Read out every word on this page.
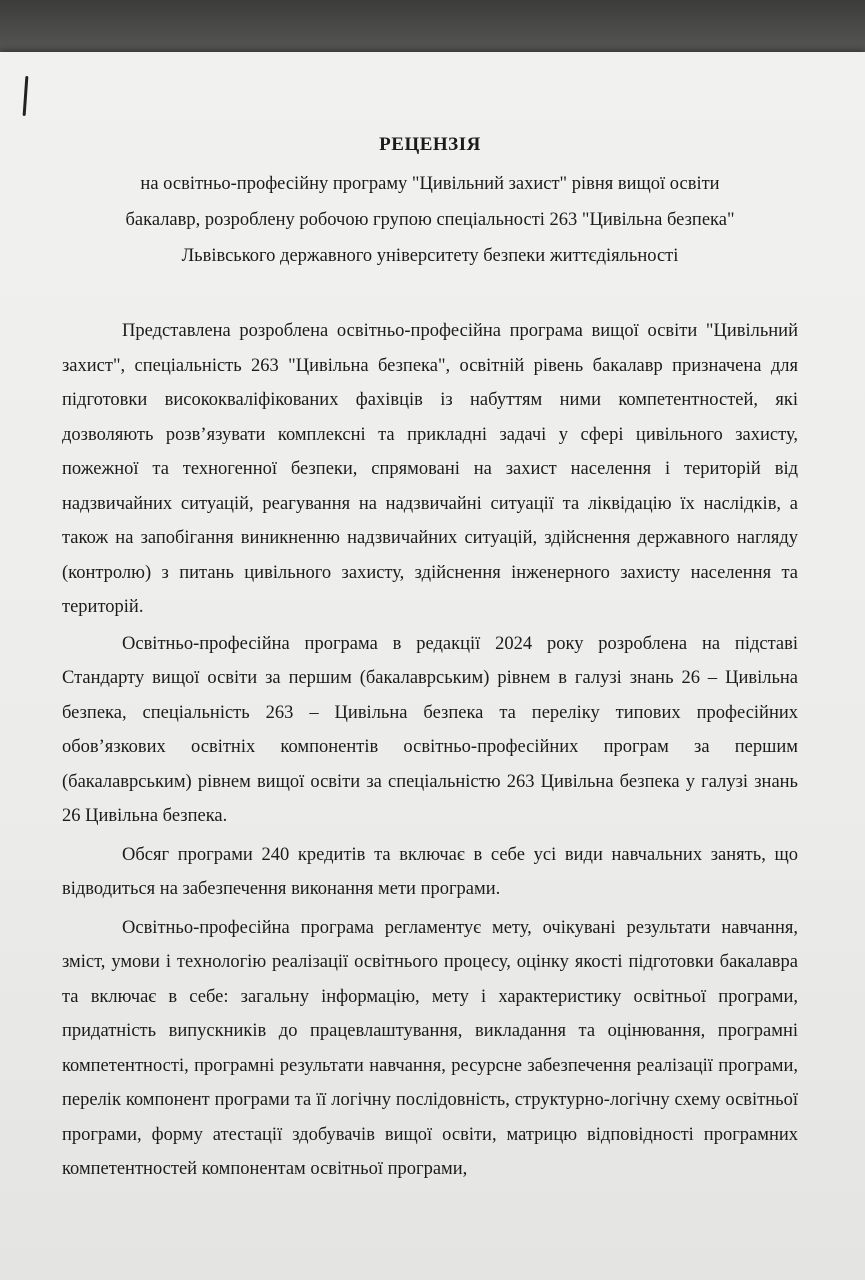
РЕЦЕНЗІЯ

на освітньо-професійну програму "Цивільний захист" рівня вищої освіти
бакалавр, розроблену робочою групою спеціальності 263 "Цивільна безпека"
Львівського державного університету безпеки життєдіяльності

Представлена розроблена освітньо-професійна програма вищої освіти "Цивільний захист", спеціальність 263 "Цивільна безпека", освітній рівень бакалавр призначена для підготовки висококваліфікованих фахівців із набуттям ними компетентностей, які дозволяють розв’язувати комплексні та прикладні задачі у сфері цивільного захисту, пожежної та техногенної безпеки, спрямовані на захист населення і територій від надзвичайних ситуацій, реагування на надзвичайні ситуації та ліквідацію їх наслідків, а також на запобігання виникненню надзвичайних ситуацій, здійснення державного нагляду (контролю) з питань цивільного захисту, здійснення інженерного захисту населення та територій.

Освітньо-професійна програма в редакції 2024 року розроблена на підставі Стандарту вищої освіти за першим (бакалаврським) рівнем в галузі знань 26 – Цивільна безпека, спеціальність 263 – Цивільна безпека та переліку типових професійних обов’язкових освітніх компонентів освітньо-професійних програм за першим (бакалаврським) рівнем вищої освіти за спеціальністю 263 Цивільна безпека у галузі знань 26 Цивільна безпека.

Обсяг програми 240 кредитів та включає в себе усі види навчальних занять, що відводиться на забезпечення виконання мети програми.

Освітньо-професійна програма регламентує мету, очікувані результати навчання, зміст, умови і технологію реалізації освітнього процесу, оцінку якості підготовки бакалавра та включає в себе: загальну інформацію, мету і характеристику освітньої програми, придатність випускників до працевлаштування, викладання та оцінювання, програмні компетентності, програмні результати навчання, ресурсне забезпечення реалізації програми, перелік компонент програми та її логічну послідовність, структурно-логічну схему освітньої програми, форму атестації здобувачів вищої освіти, матрицю відповідності програмних компетентностей компонентам освітньої програми,
